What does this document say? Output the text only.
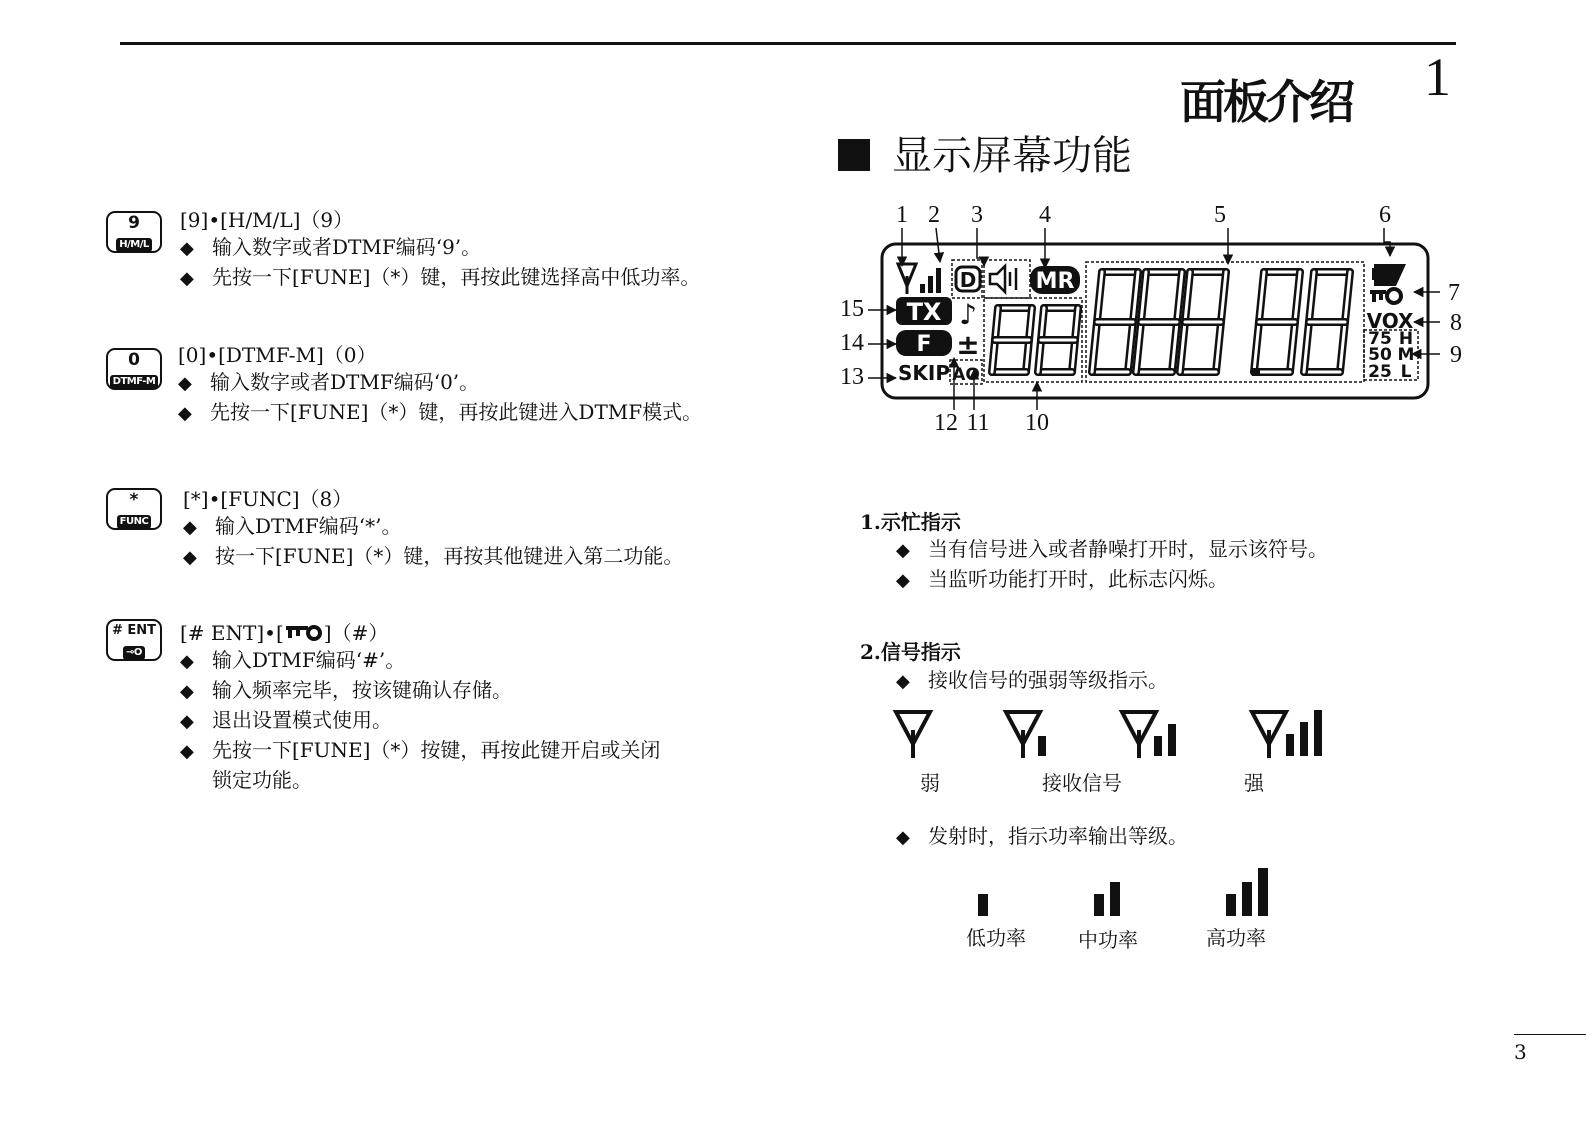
面板介绍 1
显示屏幕功能
9
H/M/L
[9]•[H/M/L]（9）
◆ 输入数字或者DTMF编码‘9’。
◆ 先按一下[FUNE]（*）键，再按此键选择高中低功率。
0
DTMF-M
[0]•[DTMF-M]（0）
◆ 输入数字或者DTMF编码‘0’。
◆ 先按一下[FUNE]（*）键，再按此键进入DTMF模式。
*
FUNC
[*]•[FUNC]（8）
◆ 输入DTMF编码‘*’。
◆ 按一下[FUNE]（*）键，再按其他键进入第二功能。
# ENT
⊸O
[# ENT]•[ ]（#）
◆ 输入DTMF编码‘#’。
◆ 输入频率完毕，按该键确认存储。
◆ 退出设置模式使用。
◆ 先按一下[FUNE]（*）按键，再按此键开启或关闭
锁定功能。
1 2 3 4	5	6
7
8
9
15
14
13
12 11 10
D	MR
TX ♪
F ±
SKIP AO
VOX
75
50
25
H
M
L
1.示忙指示
◆ 当有信号进入或者静噪打开时，显示该符号。
◆ 当监听功能打开时，此标志闪烁。
2.信号指示
◆ 接收信号的强弱等级指示。
弱	接收信号	强
◆ 发射时，指示功率输出等级。
低功率	中功率	高功率
3
